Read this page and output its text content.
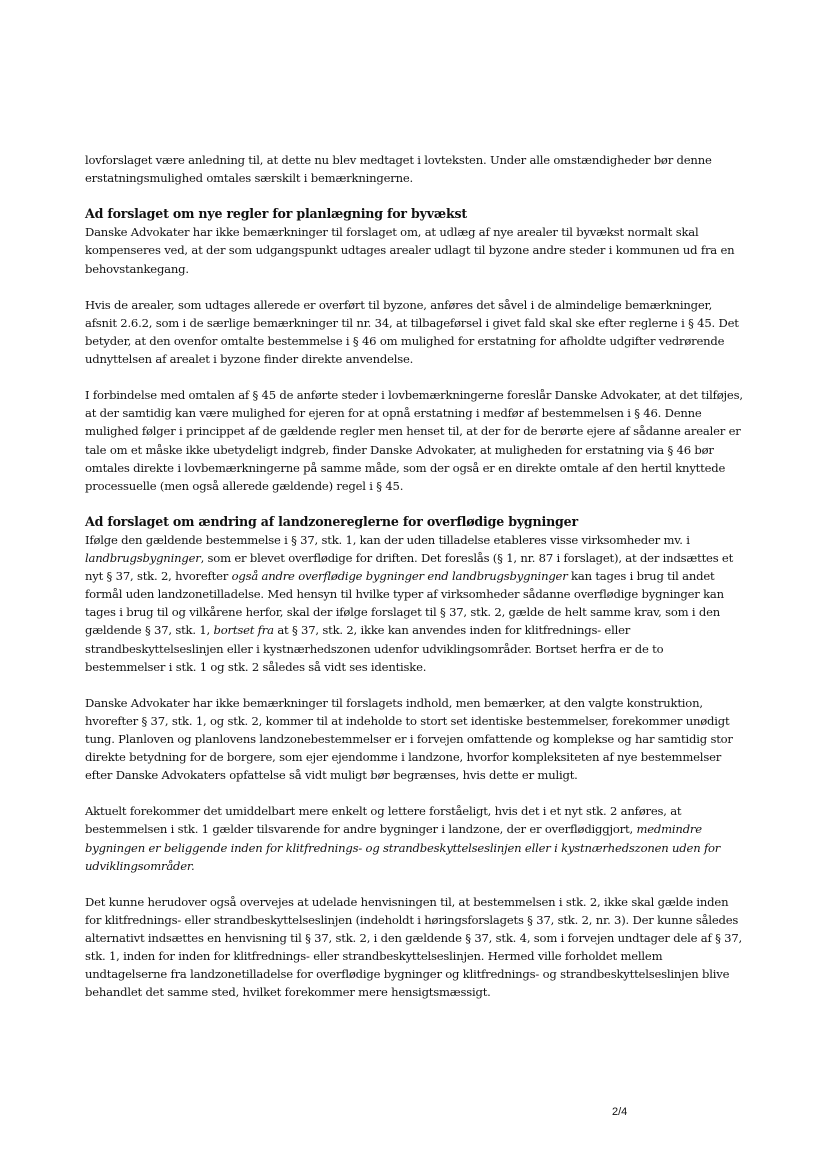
lovforslaget være anledning til, at dette nu blev medtaget i lovteksten. Under alle omstændigheder bør denne erstatningsmulighed omtales særskilt i bemærkningerne.

Ad forslaget om nye regler for planlægning for byvækst

Danske Advokater har ikke bemærkninger til forslaget om, at udlæg af nye arealer til byvækst normalt skal kompenseres ved, at der som udgangspunkt udtages arealer udlagt til byzone andre steder i kommunen ud fra en behovstankegang.

Hvis de arealer, som udtages allerede er overført til byzone, anføres det såvel i de almindelige bemærkninger, afsnit 2.6.2, som i de særlige bemærkninger til nr. 34, at tilbageførsel i givet fald skal ske efter reglerne i § 45. Det betyder, at den ovenfor omtalte bestemmelse i § 46 om mulighed for erstatning for afholdte udgifter vedrørende udnyttelsen af arealet i byzone finder direkte anvendelse.

I forbindelse med omtalen af § 45 de anførte steder i lovbemærkningerne foreslår Danske Advokater, at det tilføjes, at der samtidig kan være mulighed for ejeren for at opnå erstatning i medfør af bestemmelsen i § 46. Denne mulighed følger i princippet af de gældende regler men henset til, at der for de berørte ejere af sådanne arealer er tale om et måske ikke ubetydeligt indgreb, finder Danske Advokater, at muligheden for erstatning via § 46 bør omtales direkte i lovbemærkningerne på samme måde, som der også er en direkte omtale af den hertil knyttede processuelle (men også allerede gældende) regel i § 45.

Ad forslaget om ændring af landzonereglerne for overflødige bygninger

Ifølge den gældende bestemmelse i § 37, stk. 1, kan der uden tilladelse etableres visse virksomheder mv. i landbrugsbygninger, som er blevet overflødige for driften. Det foreslås (§ 1, nr. 87 i forslaget), at der indsættes et nyt § 37, stk. 2, hvorefter også andre overflødige bygninger end landbrugsbygninger kan tages i brug til andet formål uden landzonetilladelse. Med hensyn til hvilke typer af virksomheder sådanne overflødige bygninger kan tages i brug til og vilkårene herfor, skal der ifølge forslaget til § 37, stk. 2, gælde de helt samme krav, som i den gældende § 37, stk. 1, bortset fra at § 37, stk. 2, ikke kan anvendes inden for klitfrednings- eller strandbeskyttelseslinjen eller i kystnærhedszonen udenfor udviklingsområder. Bortset herfra er de to bestemmelser i stk. 1 og stk. 2 således så vidt ses identiske.

Danske Advokater har ikke bemærkninger til forslagets indhold, men bemærker, at den valgte konstruktion, hvorefter § 37, stk. 1, og stk. 2, kommer til at indeholde to stort set identiske bestemmelser, forekommer unødigt tung. Planloven og planlovens landzonebestemmelser er i forvejen omfattende og komplekse og har samtidig stor direkte betydning for de borgere, som ejer ejendomme i landzone, hvorfor kompleksiteten af nye bestemmelser efter Danske Advokaters opfattelse så vidt muligt bør begrænses, hvis dette er muligt.

Aktuelt forekommer det umiddelbart mere enkelt og lettere forståeligt, hvis det i et nyt stk. 2 anføres, at bestemmelsen i stk. 1 gælder tilsvarende for andre bygninger i landzone, der er overflødiggjort, medmindre bygningen er beliggende inden for klitfrednings- og strandbeskyttelseslinjen eller i kystnærhedszonen uden for udviklingsområder.

Det kunne herudover også overvejes at udelade henvisningen til, at bestemmelsen i stk. 2, ikke skal gælde inden for klitfrednings- eller strandbeskyttelseslinjen (indeholdt i høringsforslagets § 37, stk. 2, nr. 3). Der kunne således alternativt indsættes en henvisning til § 37, stk. 2, i den gældende § 37, stk. 4, som i forvejen undtager dele af § 37, stk. 1, inden for inden for klitfrednings- eller strandbeskyttelseslinjen. Hermed ville forholdet mellem undtagelserne fra landzonetilladelse for overflødige bygninger og klitfrednings- og strandbeskyttelseslinjen blive behandlet det samme sted, hvilket forekommer mere hensigtsmæssigt.

2/4
